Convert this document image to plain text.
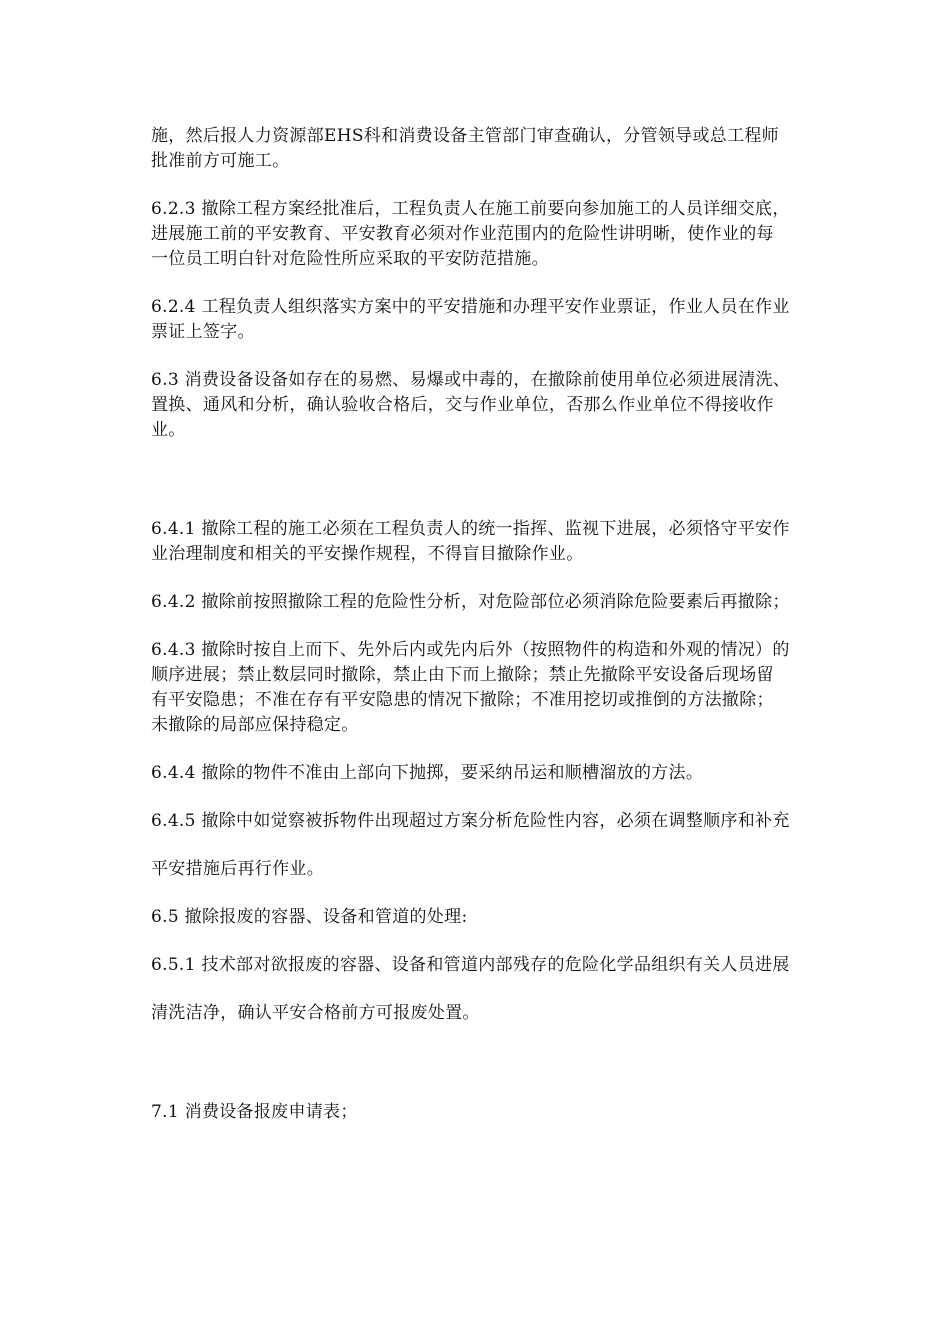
施，然后报人力资源部EHS科和消费设备主管部门审查确认，分管领导或总工程师批准前方可施工。

6.2.3 撤除工程方案经批准后，工程负责人在施工前要向参加施工的人员详细交底，进展施工前的平安教育、平安教育必须对作业范围内的危险性讲明晰，使作业的每一位员工明白针对危险性所应采取的平安防范措施。

6.2.4 工程负责人组织落实方案中的平安措施和办理平安作业票证，作业人员在作业票证上签字。

6.3 消费设备设备如存在的易燃、易爆或中毒的，在撤除前使用单位必须进展清洗、置换、通风和分析，确认验收合格后，交与作业单位，否那么作业单位不得接收作业。

6.4.1 撤除工程的施工必须在工程负责人的统一指挥、监视下进展，必须恪守平安作业治理制度和相关的平安操作规程，不得盲目撤除作业。

6.4.2 撤除前按照撤除工程的危险性分析，对危险部位必须消除危险要素后再撤除；

6.4.3 撤除时按自上而下、先外后内或先内后外（按照物件的构造和外观的情况）的顺序进展；禁止数层同时撤除，禁止由下而上撤除；禁止先撤除平安设备后现场留有平安隐患；不准在存有平安隐患的情况下撤除；不准用挖切或推倒的方法撤除；未撤除的局部应保持稳定。

6.4.4 撤除的物件不准由上部向下抛掷，要采纳吊运和顺槽溜放的方法。

6.4.5 撤除中如觉察被拆物件出现超过方案分析危险性内容，必须在调整顺序和补充

平安措施后再行作业。

6.5 撤除报废的容器、设备和管道的处理:

6.5.1 技术部对欲报废的容器、设备和管道内部残存的危险化学品组织有关人员进展

清洗洁净，确认平安合格前方可报废处置。

7.1 消费设备报废申请表；
